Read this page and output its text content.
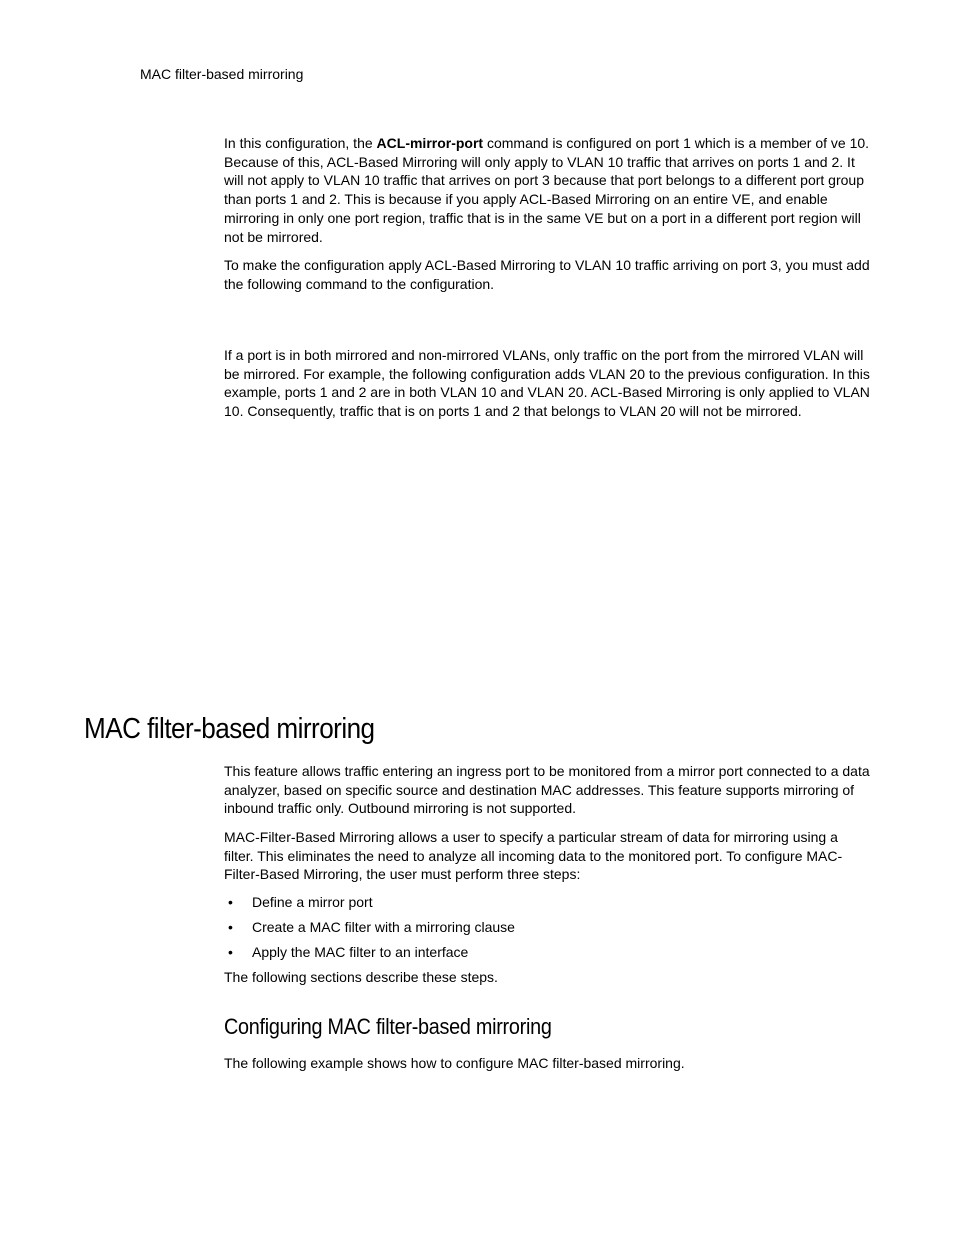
MAC filter-based mirroring

In this configuration, the ACL-mirror-port command is configured on port 1 which is a member of ve 10. Because of this, ACL-Based Mirroring will only apply to VLAN 10 traffic that arrives on ports 1 and 2. It will not apply to VLAN 10 traffic that arrives on port 3 because that port belongs to a different port group than ports 1 and 2. This is because if you apply ACL-Based Mirroring on an entire VE, and enable mirroring in only one port region, traffic that is in the same VE but on a port in a different port region will not be mirrored.

To make the configuration apply ACL-Based Mirroring to VLAN 10 traffic arriving on port 3, you must add the following command to the configuration.

If a port is in both mirrored and non-mirrored VLANs, only traffic on the port from the mirrored VLAN will be mirrored. For example, the following configuration adds VLAN 20 to the previous configuration. In this example, ports 1 and 2 are in both VLAN 10 and VLAN 20. ACL-Based Mirroring is only applied to VLAN 10. Consequently, traffic that is on ports 1 and 2 that belongs to VLAN 20 will not be mirrored.

MAC filter-based mirroring

This feature allows traffic entering an ingress port to be monitored from a mirror port connected to a data analyzer, based on specific source and destination MAC addresses. This feature supports mirroring of inbound traffic only. Outbound mirroring is not supported.

MAC-Filter-Based Mirroring allows a user to specify a particular stream of data for mirroring using a filter. This eliminates the need to analyze all incoming data to the monitored port. To configure MAC-Filter-Based Mirroring, the user must perform three steps:

• Define a mirror port
• Create a MAC filter with a mirroring clause
• Apply the MAC filter to an interface

The following sections describe these steps.

Configuring MAC filter-based mirroring

The following example shows how to configure MAC filter-based mirroring.
